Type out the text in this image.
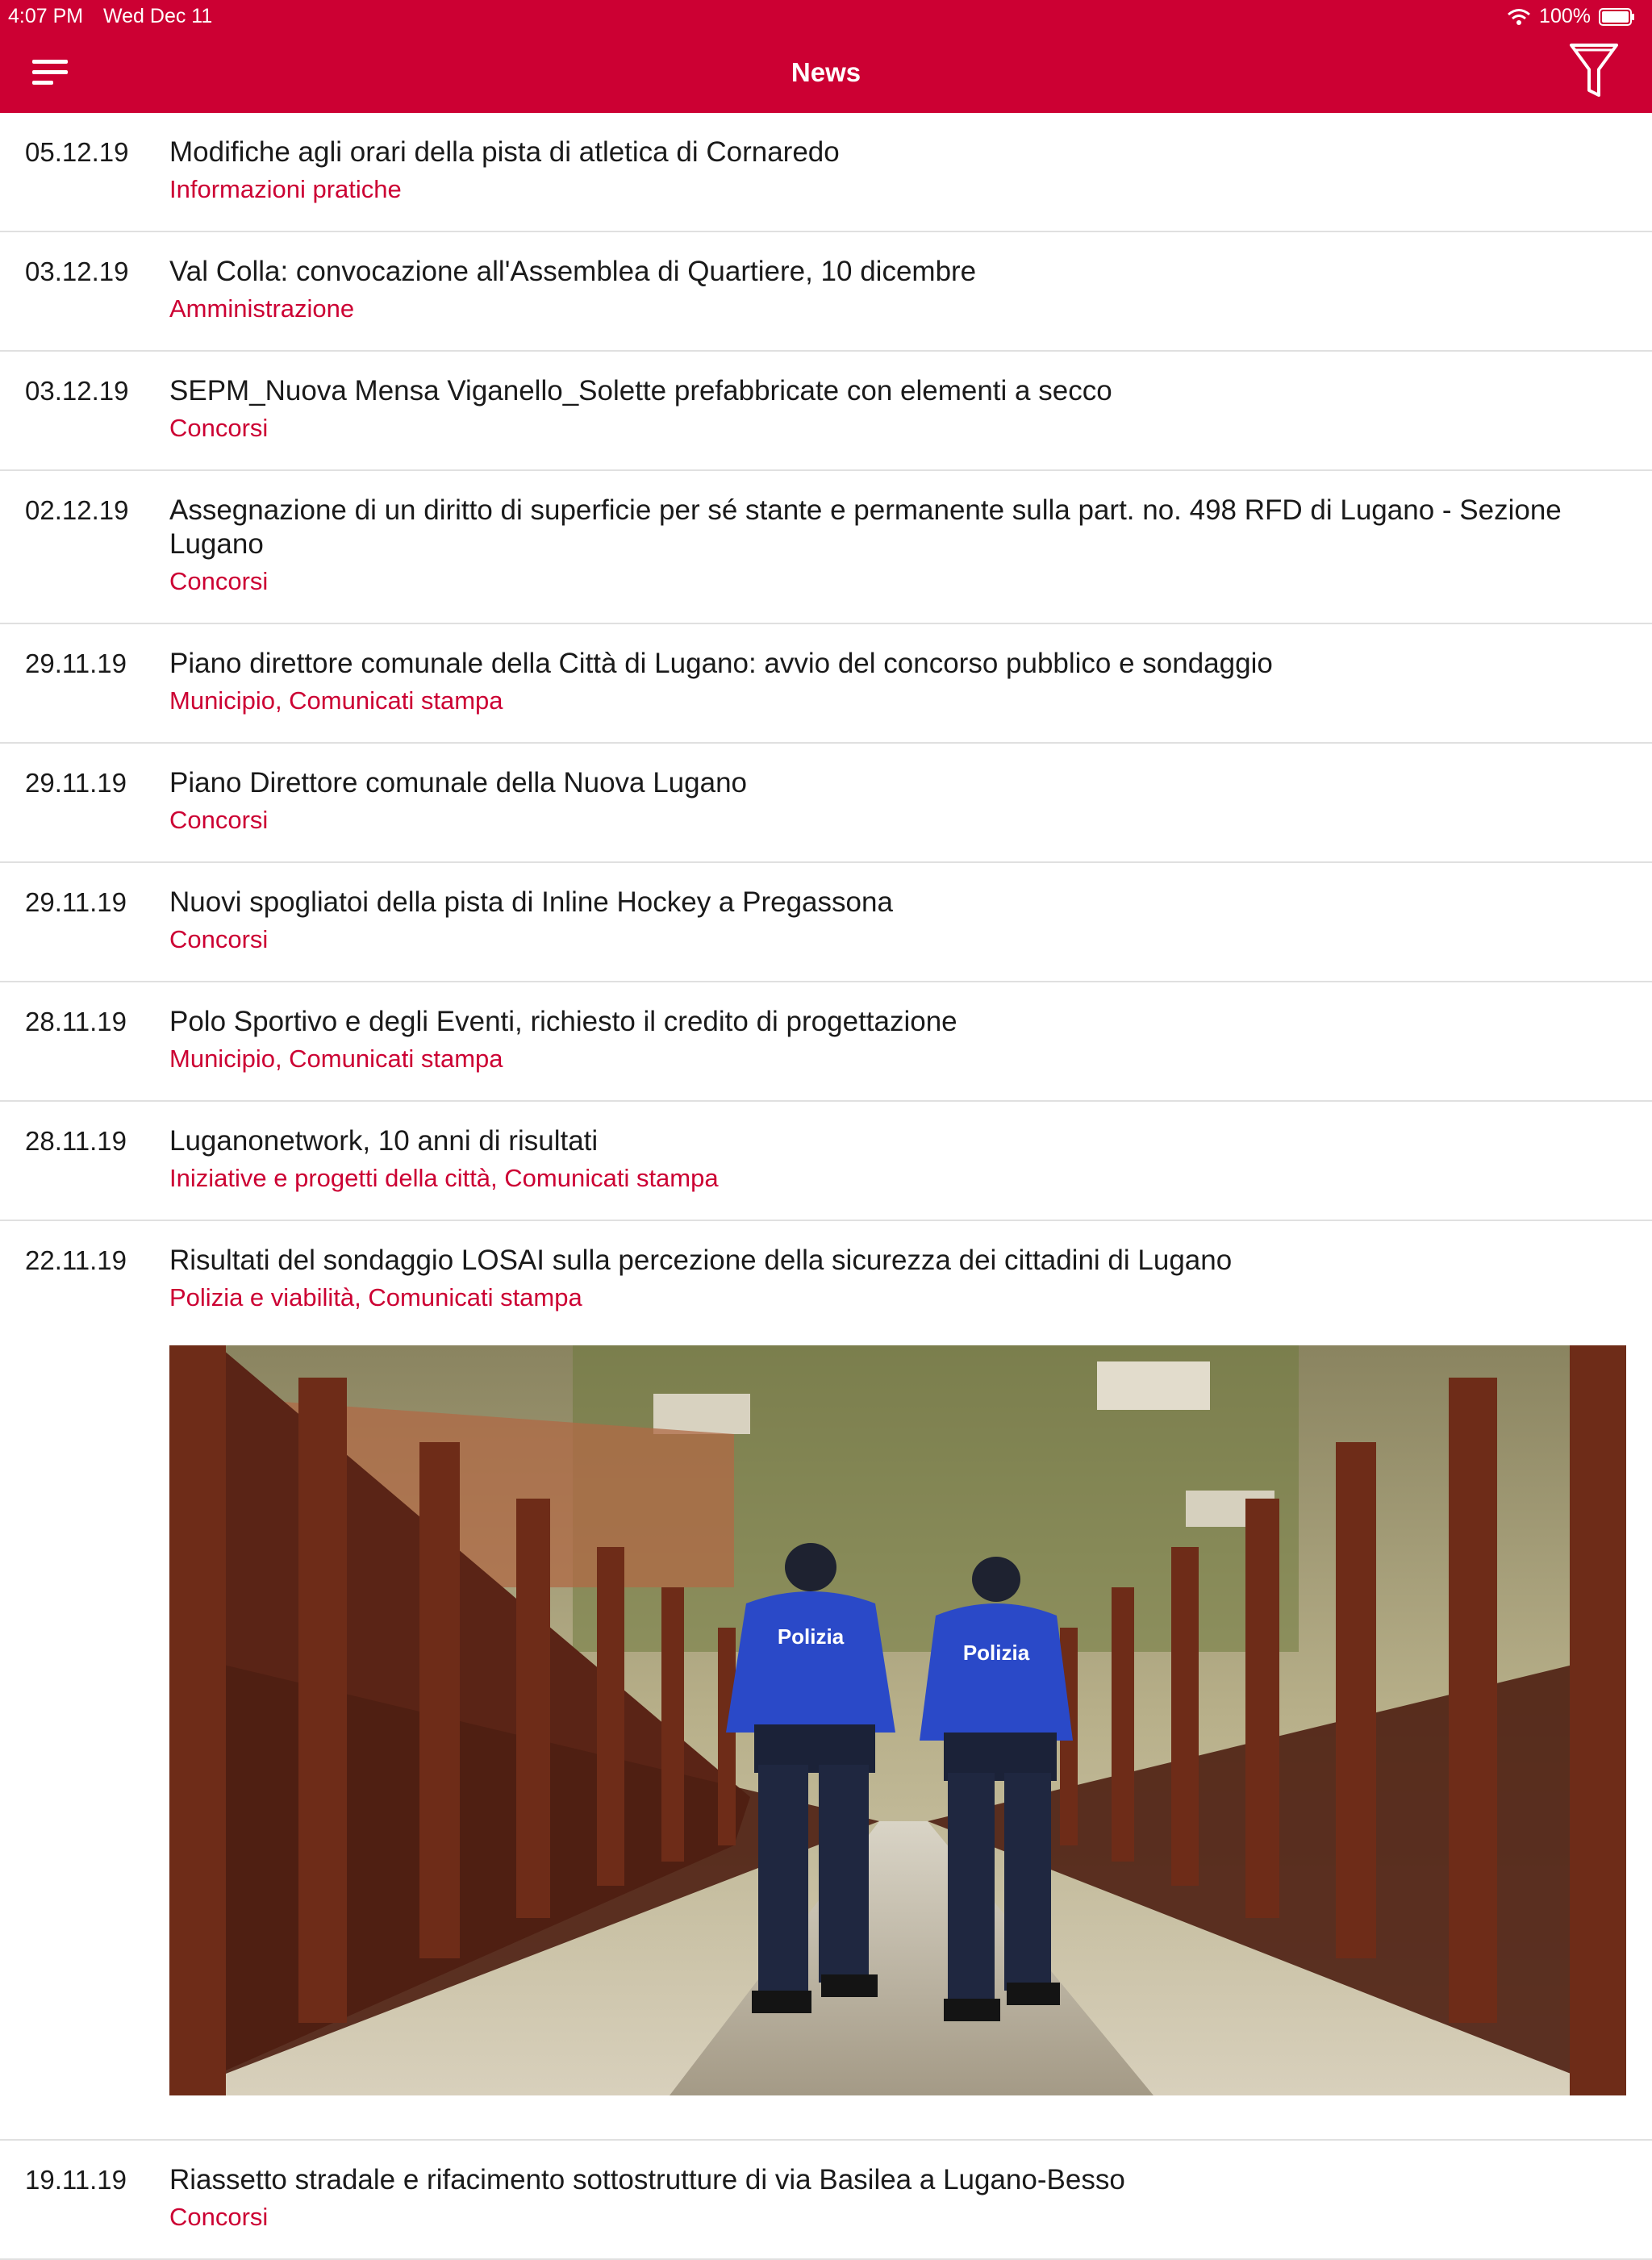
4:07 PM Wed Dec 11	100%
News
05.12.19 Modifiche agli orari della pista di atletica di Cornaredo
Informazioni pratiche
03.12.19 Val Colla: convocazione all'Assemblea di Quartiere, 10 dicembre
Amministrazione
03.12.19 SEPM_Nuova Mensa Viganello_Solette prefabbricate con elementi a secco
Concorsi
02.12.19 Assegnazione di un diritto di superficie per sé stante e permanente sulla part. no. 498 RFD di Lugano - Sezione Lugano
Concorsi
29.11.19 Piano direttore comunale della Città di Lugano: avvio del concorso pubblico e sondaggio
Municipio, Comunicati stampa
29.11.19 Piano Direttore comunale della Nuova Lugano
Concorsi
29.11.19 Nuovi spogliatoi della pista di Inline Hockey a Pregassona
Concorsi
28.11.19 Polo Sportivo e degli Eventi, richiesto il credito di progettazione
Municipio, Comunicati stampa
28.11.19 Luganonetwork, 10 anni di risultati
Iniziative e progetti della città, Comunicati stampa
22.11.19 Risultati del sondaggio LOSAI sulla percezione della sicurezza dei cittadini di Lugano
Polizia e viabilità, Comunicati stampa
Polizia
Polizia
19.11.19 Riassetto stradale e rifacimento sottostrutture di via Basilea a Lugano-Besso
Concorsi
